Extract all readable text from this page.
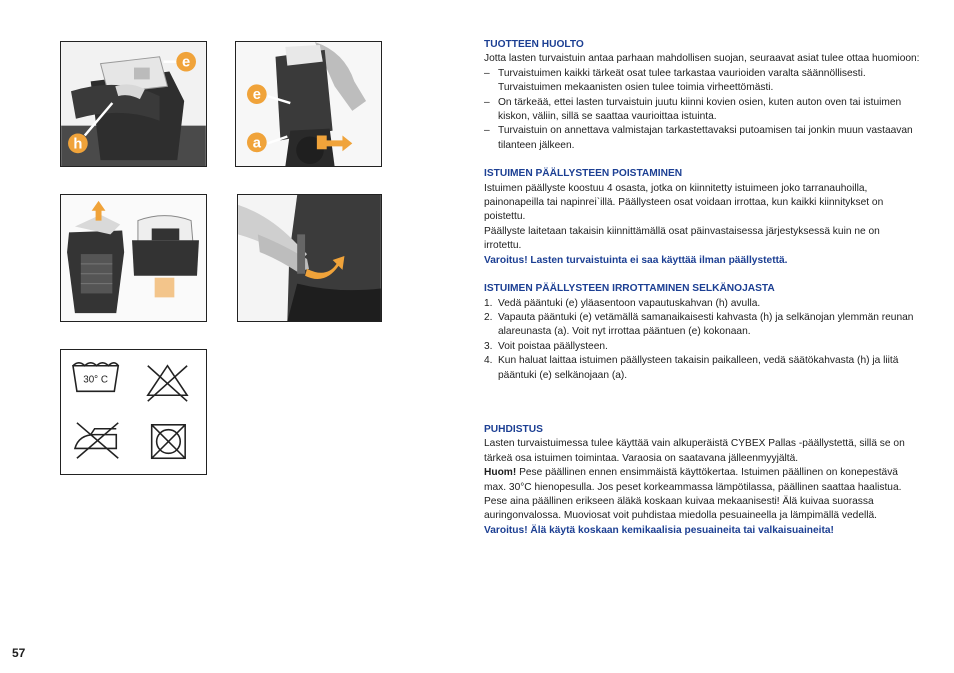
e
h
e
a
30° C

TUOTTEEN HUOLTO

Jotta lasten turvaistuin antaa parhaan mahdollisen suojan, seuraavat asiat tulee ottaa huomioon:

– Turvaistuimen kaikki tärkeät osat tulee tarkastaa vaurioiden varalta säännöllisesti. Turvaistuimen mekaanisten osien tulee toimia virheettömästi.

– On tärkeää, ettei lasten turvaistuin juutu kiinni kovien osien, kuten auton oven tai istuimen kiskon, väliin, sillä se saattaa vaurioittaa istuinta.

– Turvaistuin on annettava valmistajan tarkastettavaksi putoamisen tai jonkin muun vastaavan tilanteen jälkeen.

ISTUIMEN PÄÄLLYSTEEN POISTAMINEN

Istuimen päällyste koostuu 4 osasta, jotka on kiinnitetty istuimeen joko tarranauhoilla, painonapeilla tai napinrei`illä. Päällysteen osat voidaan irrottaa, kun kaikki kiinnitykset on poistettu.

Päällyste laitetaan takaisin kiinnittämällä osat päinvastaisessa järjestyksessä kuin ne on irrotettu.

Varoitus! Lasten turvaistuinta ei saa käyttää ilman päällystettä.

ISTUIMEN PÄÄLLYSTEEN IRROTTAMINEN SELKÄNOJASTA

1. Vedä pääntuki (e) yläasentoon vapautuskahvan (h) avulla.

2. Vapauta pääntuki (e) vetämällä samanaikaisesti kahvasta (h) ja selkänojan ylemmän reunan alareunasta (a). Voit nyt irrottaa pääntuen (e) kokonaan.

3. Voit poistaa päällysteen.

4. Kun haluat laittaa istuimen päällysteen takaisin paikalleen, vedä säätökahvasta (h) ja liitä pääntuki (e) selkänojaan (a).

PUHDISTUS

Lasten turvaistuimessa tulee käyttää vain alkuperäistä CYBEX Pallas -päällystettä, sillä se on tärkeä osa istuimen toimintaa. Varaosia on saatavana jälleenmyyjältä.

Huom! Pese päällinen ennen ensimmäistä käyttökertaa. Istuimen päällinen on konepestävä max. 30°C hienopesulla. Jos peset korkeammassa lämpötilassa, päällinen saattaa haalistua. Pese aina päällinen erikseen äläkä koskaan kuivaa mekaanisesti! Älä kuivaa suorassa auringonvalossa. Muoviosat voit puhdistaa miedolla pesuaineella ja lämpimällä vedellä.

Varoitus! Älä käytä koskaan kemikaalisia pesuaineita tai valkaisuaineita!

57
